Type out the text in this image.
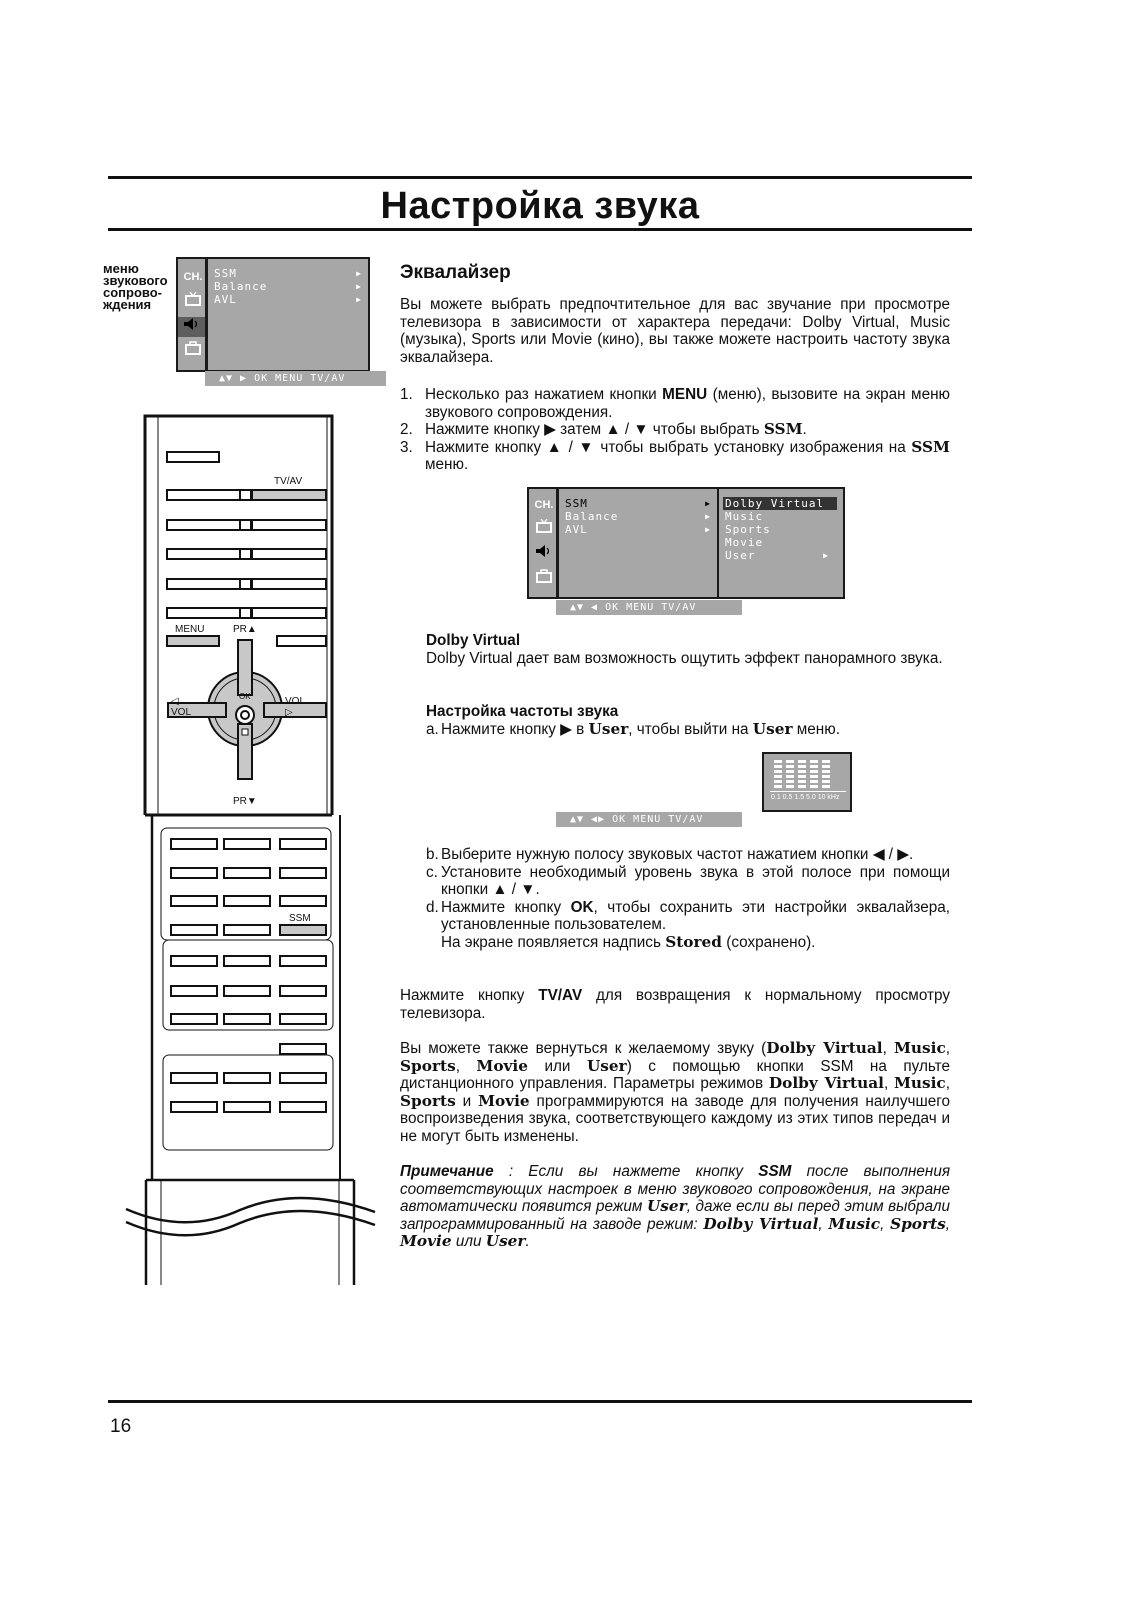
Настройка звука
меню
звукового
сопрово-
ждения
CH. SSM	▶
Balance	▶
AVL	▶
▲▼ ▶ OK MENU TV/AV
Эквалайзер
Вы можете выбрать предпочтительное для вас звучание при просмотре телевизора в зависимости от характера передачи: Dolby Virtual, Music (музыка), Sports или Movie (кино), вы также можете настроить частоту звука эквалайзера.
1. Несколько раз нажатием кнопки MENU (меню), вызовите на экран меню звукового сопровождения.
2. Нажмите кнопку ▶ затем ▲ / ▼ чтобы выбрать SSM.
3. Нажмите кнопку ▲ / ▼ чтобы выбрать установку изображения на SSM меню.
CH. SSM	▶
Balance	▶
AVL	▶
Dolby Virtual
Music
Sports
Movie
User	▶
▲▼ ◀ OK MENU TV/AV
Dolby Virtual
Dolby Virtual дает вам возможность ощутить эффект панорамного звука.
Настройка частоты звука
a. Нажмите кнопку ▶ в User, чтобы выйти на User меню.
0.1 0.5 1.5 5.0 10 kHz
▲▼ ◀▶ OK MENU TV/AV
b. Выберите нужную полосу звуковых частот нажатием кнопки ◀ / ▶.
c. Установите необходимый уровень звука в этой полосе при помощи кнопки ▲ / ▼.
d. Нажмите кнопку OK, чтобы сохранить эти настройки эквалайзера, установленные пользователем.
На экране появляется надпись Stored (сохранено).
Нажмите кнопку TV/AV для возвращения к нормальному просмотру телевизора.
Вы можете также вернуться к желаемому звуку (Dolby Virtual, Music, Sports, Movie или User) с помощью кнопки SSM на пульте дистанционного управления. Параметры режимов Dolby Virtual, Music, Sports и Movie программируются на заводе для получения наилучшего воспроизведения звука, соответствующего каждому из этих типов передач и не могут быть изменены.
Примечание : Если вы нажмете кнопку SSM после выполнения соответствующих настроек в меню звукового сопровождения, на экране автоматически появится режим User, даже если вы перед этим выбрали запрограммированный на заводе режим: Dolby Virtual, Music, Sports, Movie или User.
TV/AV
MENU	PR▲
◁ VOL
VOL ▷
OK
PR▼
SSM
16
